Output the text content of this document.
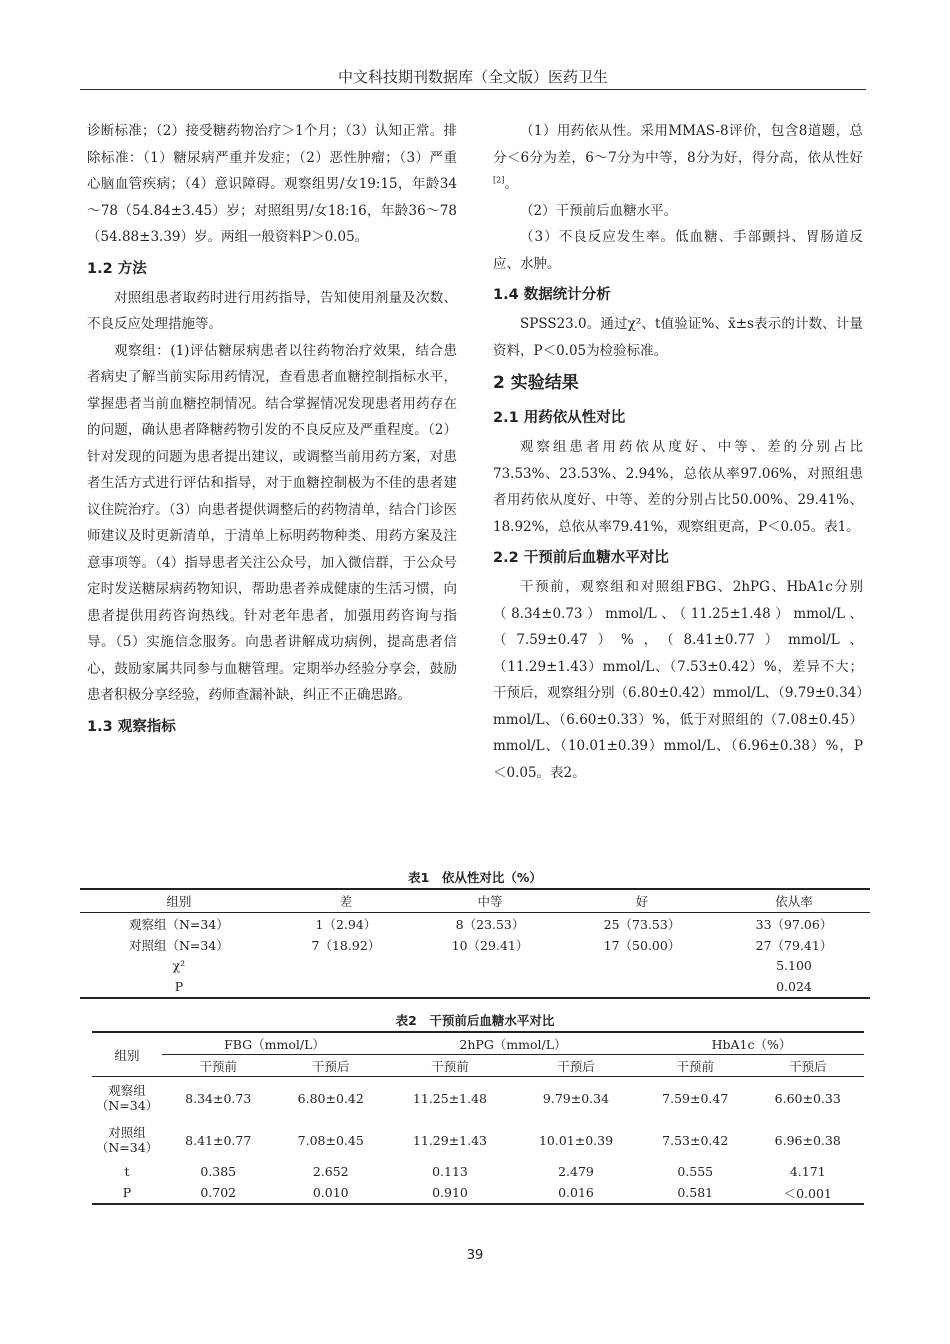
中文科技期刊数据库（全文版）医药卫生

诊断标准；（2）接受糖药物治疗＞1个月；（3）认知正常。排除标准：（1）糖尿病严重并发症；（2）恶性肿瘤；（3）严重心脑血管疾病；（4）意识障碍。观察组男/女19:15，年龄34～78（54.84±3.45）岁；对照组男/女18:16，年龄36～78（54.88±3.39）岁。两组一般资料P＞0.05。

1.2 方法

对照组患者取药时进行用药指导，告知使用剂量及次数、不良反应处理措施等。

观察组：(1)评估糖尿病患者以往药物治疗效果，结合患者病史了解当前实际用药情况，查看患者血糖控制指标水平，掌握患者当前血糖控制情况。结合掌握情况发现患者用药存在的问题，确认患者降糖药物引发的不良反应及严重程度。（2）针对发现的问题为患者提出建议，或调整当前用药方案，对患者生活方式进行评估和指导，对于血糖控制极为不佳的患者建议住院治疗。（3）向患者提供调整后的药物清单，结合门诊医师建议及时更新清单，于清单上标明药物种类、用药方案及注意事项等。（4）指导患者关注公众号，加入微信群，于公众号定时发送糖尿病药物知识，帮助患者养成健康的生活习惯，向患者提供用药咨询热线。针对老年患者，加强用药咨询与指导。（5）实施信念服务。向患者讲解成功病例，提高患者信心，鼓励家属共同参与血糖管理。定期举办经验分享会，鼓励患者积极分享经验，药师查漏补缺，纠正不正确思路。

1.3 观察指标

（1）用药依从性。采用MMAS-8评价，包含8道题，总分＜6分为差，6～7分为中等，8分为好，得分高，依从性好[2]。

（2）干预前后血糖水平。

（3）不良反应发生率。低血糖、手部颤抖、胃肠道反应、水肿。

1.4 数据统计分析

SPSS23.0。通过χ²、t值验证%、x̄±s表示的计数、计量资料，P＜0.05为检验标准。

2 实验结果
2.1 用药依从性对比

观察组患者用药依从度好、中等、差的分别占比73.53%、23.53%、2.94%，总依从率97.06%，对照组患者用药依从度好、中等、差的分别占比50.00%、29.41%、18.92%，总依从率79.41%，观察组更高，P＜0.05。表1。

2.2 干预前后血糖水平对比

干预前，观察组和对照组FBG、2hPG、HbA1c分别（8.34±0.73）mmol/L、（11.25±1.48）mmol/L、（7.59±0.47）%，（8.41±0.77）mmol/L、（11.29±1.43）mmol/L、（7.53±0.42）%，差异不大；干预后，观察组分别（6.80±0.42）mmol/L、（9.79±0.34）mmol/L、（6.60±0.33）%，低于对照组的（7.08±0.45）mmol/L、（10.01±0.39）mmol/L、（6.96±0.38）%，P＜0.05。表2。

表1　依从性对比（%）
组别	差	中等	好	依从率
观察组（N=34）	1（2.94）	8（23.53）	25（73.53）	33（97.06）
对照组（N=34）	7（18.92）	10（29.41）	17（50.00）	27（79.41）
χ²				5.100
P				0.024
表2　干预前后血糖水平对比
组别	FBG（mmol/L）		2hPG（mmol/L）		HbA1c（%）	
	干预前	干预后	干预前	干预后	干预前	干预后
观察组
（N=34）	8.34±0.73	6.80±0.42	11.25±1.48	9.79±0.34	7.59±0.47	6.60±0.33
对照组
（N=34）	8.41±0.77	7.08±0.45	11.29±1.43	10.01±0.39	7.53±0.42	6.96±0.38
t	0.385	2.652	0.113	2.479	0.555	4.171
P	0.702	0.010	0.910	0.016	0.581	＜0.001
39
